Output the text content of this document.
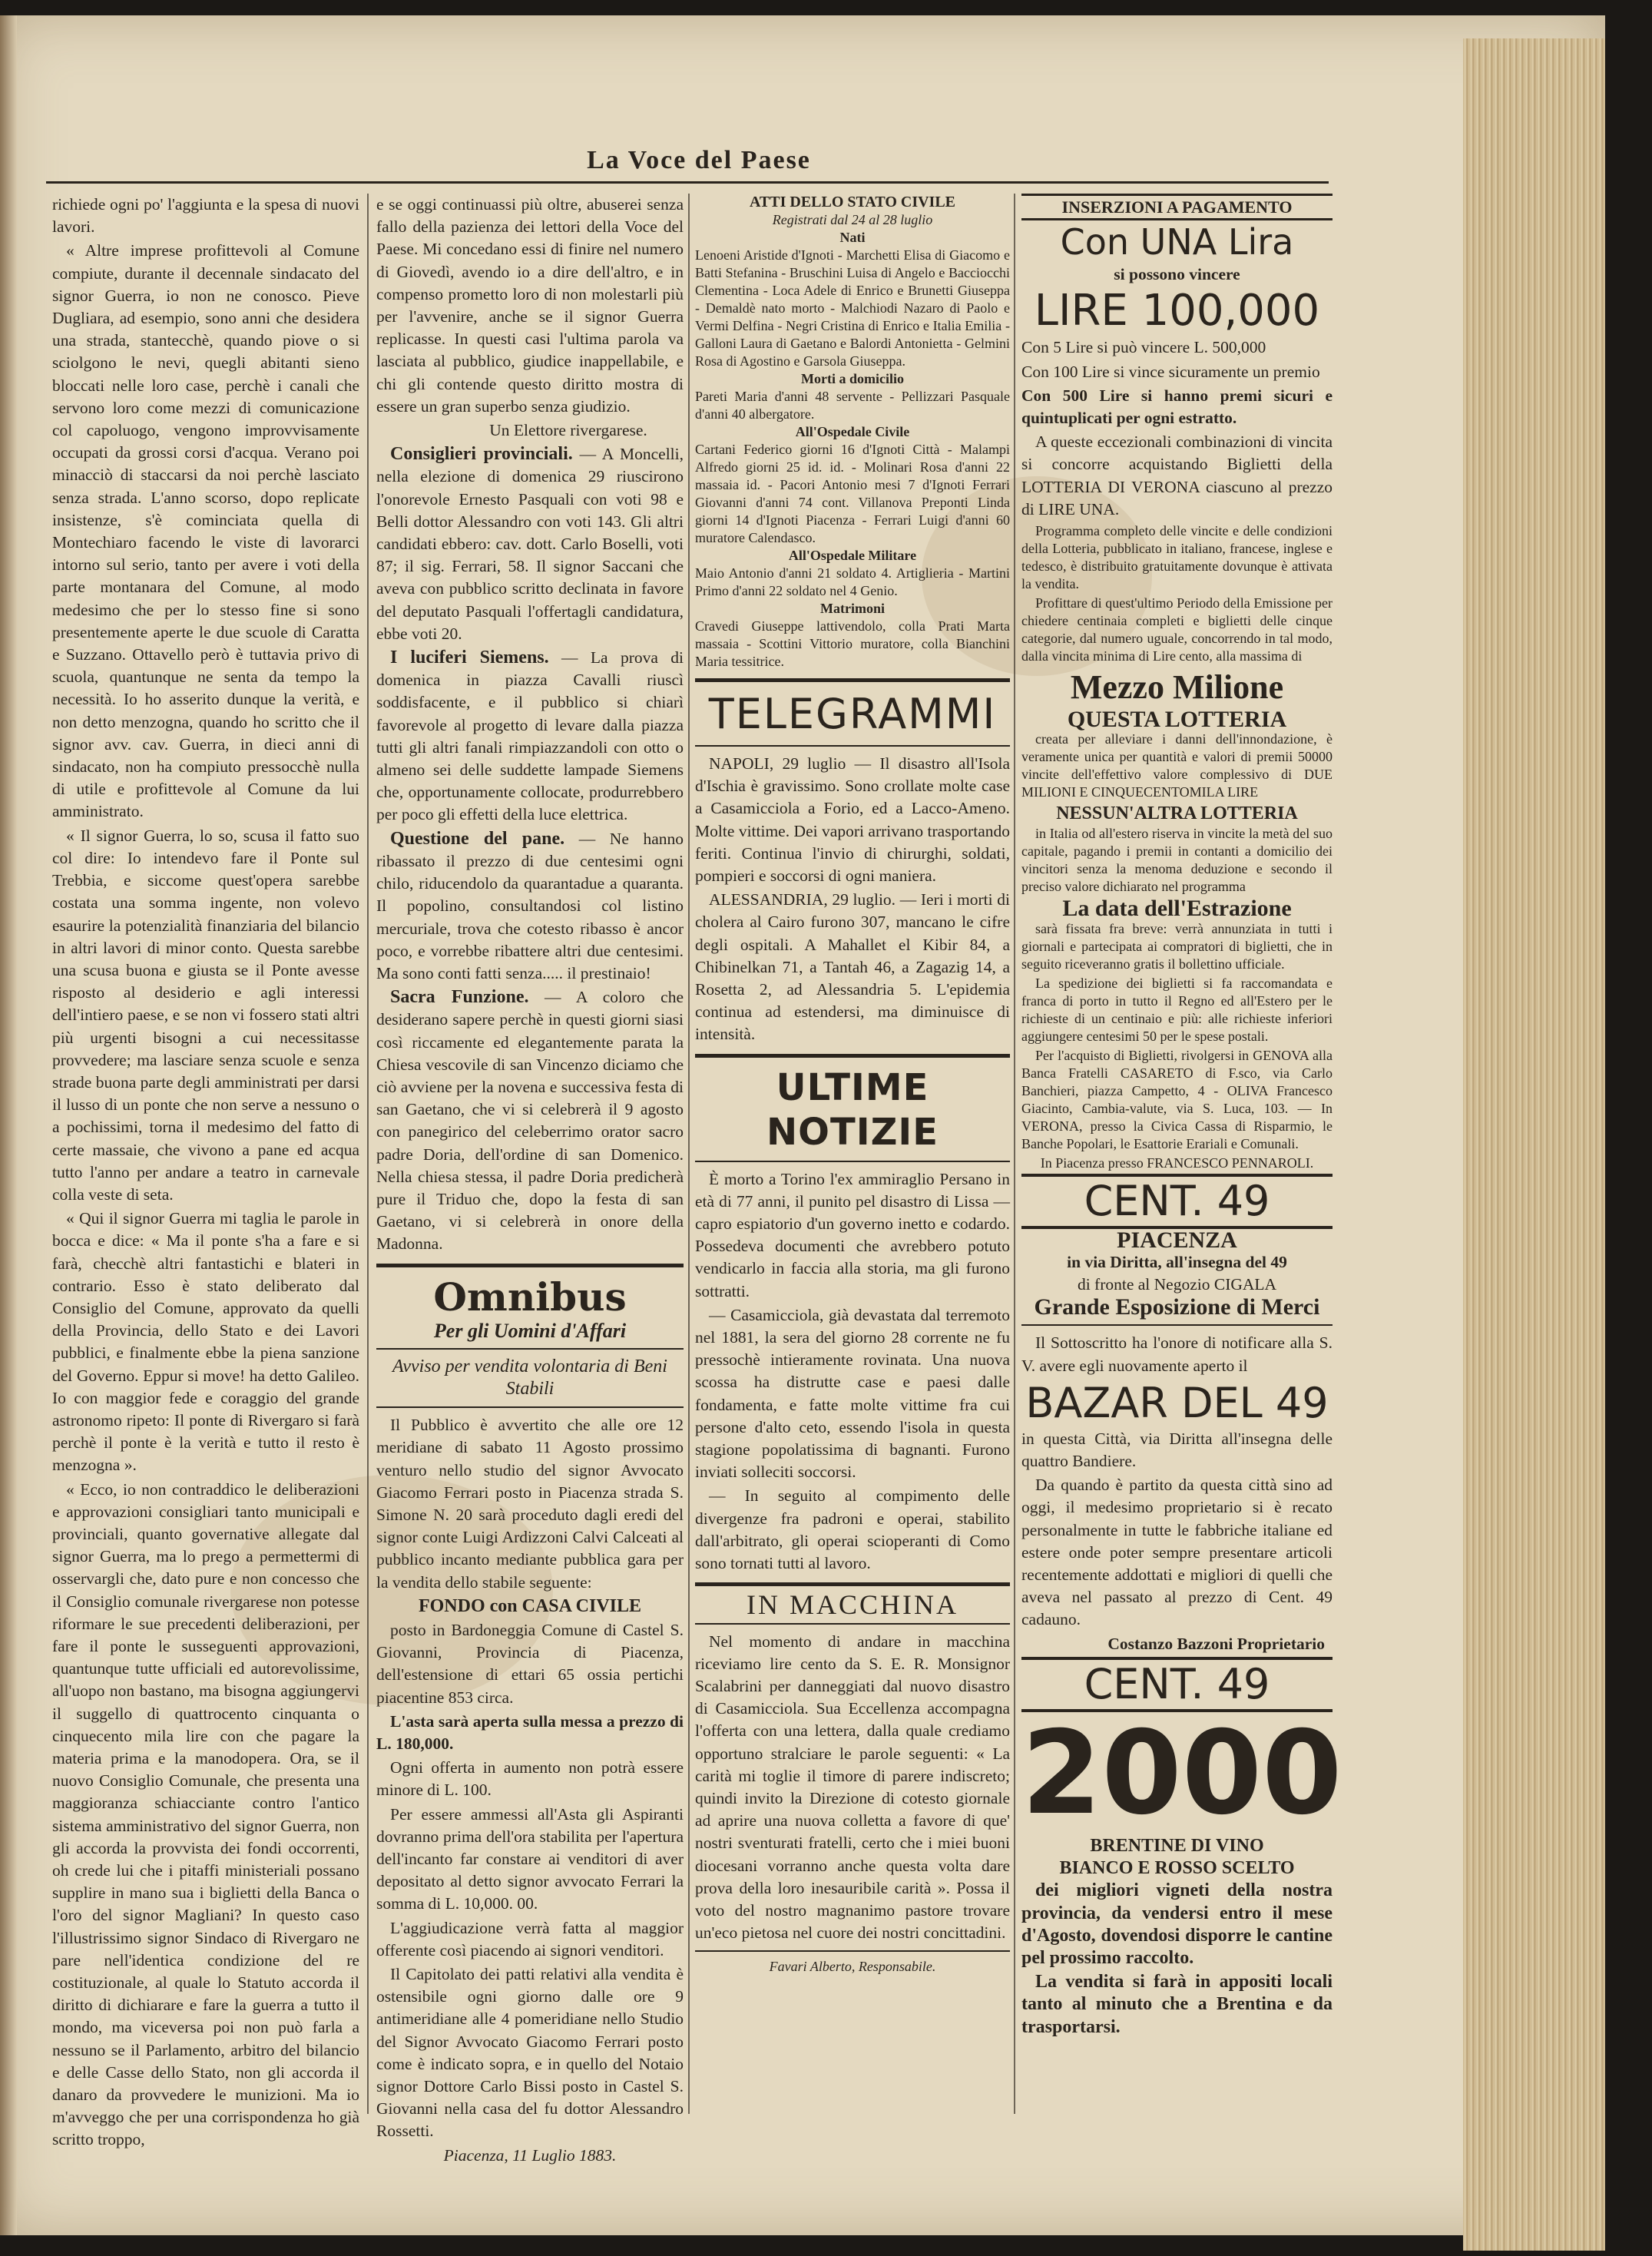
La Voce del Paese

richiede ogni po' l'aggiunta e la spesa di nuovi lavori.

« Altre imprese profittevoli al Comune compiute, durante il decennale sindacato del signor Guerra, io non ne conosco. Pieve Dugliara, ad esempio, sono anni che desidera una strada, stantecchè, quando piove o si sciolgono le nevi, quegli abitanti sieno bloccati nelle loro case, perchè i canali che servono loro come mezzi di comunicazione col capoluogo, vengono improvvisamente occupati da grossi corsi d'acqua. Verano poi minacciò di staccarsi da noi perchè lasciato senza strada. L'anno scorso, dopo replicate insistenze, s'è cominciata quella di Montechiaro facendo le viste di lavorarci intorno sul serio, tanto per avere i voti della parte montanara del Comune, al modo medesimo che per lo stesso fine si sono presentemente aperte le due scuole di Caratta e Suzzano. Ottavello però è tuttavia privo di scuola, quantunque ne senta da tempo la necessità. Io ho asserito dunque la verità, e non detto menzogna, quando ho scritto che il signor avv. cav. Guerra, in dieci anni di sindacato, non ha compiuto pressocchè nulla di utile e profittevole al Comune da lui amministrato.

« Il signor Guerra, lo so, scusa il fatto suo col dire: Io intendevo fare il Ponte sul Trebbia, e siccome quest'opera sarebbe costata una somma ingente, non volevo esaurire la potenzialità finanziaria del bilancio in altri lavori di minor conto. Questa sarebbe una scusa buona e giusta se il Ponte avesse risposto al desiderio e agli interessi dell'intiero paese, e se non vi fossero stati altri più urgenti bisogni a cui necessitasse provvedere; ma lasciare senza scuole e senza strade buona parte degli amministrati per darsi il lusso di un ponte che non serve a nessuno o a pochissimi, torna il medesimo del fatto di certe massaie, che vivono a pane ed acqua tutto l'anno per andare a teatro in carnevale colla veste di seta.

« Qui il signor Guerra mi taglia le parole in bocca e dice: « Ma il ponte s'ha a fare e si farà, checchè altri fantastichi e blateri in contrario. Esso è stato deliberato dal Consiglio del Comune, approvato da quelli della Provincia, dello Stato e dei Lavori pubblici, e finalmente ebbe la piena sanzione del Governo. Eppur si move! ha detto Galileo. Io con maggior fede e coraggio del grande astronomo ripeto: Il ponte di Rivergaro si farà perchè il ponte è la verità e tutto il resto è menzogna ».

« Ecco, io non contraddico le deliberazioni e approvazioni consigliari tanto municipali e provinciali, quanto governative allegate dal signor Guerra, ma lo prego a permettermi di osservargli che, dato pure e non concesso che il Consiglio comunale rivergarese non potesse riformare le sue precedenti deliberazioni, per fare il ponte le susseguenti approvazioni, quantunque tutte ufficiali ed autorevolissime, all'uopo non bastano, ma bisogna aggiungervi il suggello di quattrocento cinquanta o cinquecento mila lire con che pagare la materia prima e la manodopera. Ora, se il nuovo Consiglio Comunale, che presenta una maggioranza schiacciante contro l'antico sistema amministrativo del signor Guerra, non gli accorda la provvista dei fondi occorrenti, oh crede lui che i pitaffi ministeriali possano supplire in mano sua i biglietti della Banca o l'oro del signor Magliani? In questo caso l'illustrissimo signor Sindaco di Rivergaro ne pare nell'identica condizione del re costituzionale, al quale lo Statuto accorda il diritto di dichiarare e fare la guerra a tutto il mondo, ma viceversa poi non può farla a nessuno se il Parlamento, arbitro del bilancio e delle Casse dello Stato, non gli accorda il danaro da provvedere le munizioni. Ma io m'avveggo che per una corrispondenza ho già scritto troppo,

e se oggi continuassi più oltre, abuserei senza fallo della pazienza dei lettori della Voce del Paese. Mi concedano essi di finire nel numero di Giovedì, avendo io a dire dell'altro, e in compenso prometto loro di non molestarli più per l'avvenire, anche se il signor Guerra replicasse. In questi casi l'ultima parola va lasciata al pubblico, giudice inappellabile, e chi gli contende questo diritto mostra di essere un gran superbo senza giudizio.

Un Elettore rivergarese.

Consiglieri provinciali. — A Moncelli, nella elezione di domenica 29 riuscirono l'onorevole Ernesto Pasquali con voti 98 e Belli dottor Alessandro con voti 143. Gli altri candidati ebbero: cav. dott. Carlo Boselli, voti 87; il sig. Ferrari, 58. Il signor Saccani che aveva con pubblico scritto declinata in favore del deputato Pasquali l'offertagli candidatura, ebbe voti 20.

I luciferi Siemens. — La prova di domenica in piazza Cavalli riuscì soddisfacente, e il pubblico si chiarì favorevole al progetto di levare dalla piazza tutti gli altri fanali rimpiazzandoli con otto o almeno sei delle suddette lampade Siemens che, opportunamente collocate, produrrebbero per poco gli effetti della luce elettrica.

Questione del pane. — Ne hanno ribassato il prezzo di due centesimi ogni chilo, riducendolo da quarantadue a quaranta. Il popolino, consultandosi col listino mercuriale, trova che cotesto ribasso è ancor poco, e vorrebbe ribattere altri due centesimi. Ma sono conti fatti senza..... il prestinaio!

Sacra Funzione. — A coloro che desiderano sapere perchè in questi giorni siasi così riccamente ed elegantemente parata la Chiesa vescovile di san Vincenzo diciamo che ciò avviene per la novena e successiva festa di san Gaetano, che vi si celebrerà il 9 agosto con panegirico del celeberrimo orator sacro padre Doria, dell'ordine di san Domenico. Nella chiesa stessa, il padre Doria predicherà pure il Triduo che, dopo la festa di san Gaetano, vi si celebrerà in onore della Madonna.

Omnibus
Per gli Uomini d'Affari
Avviso per vendita volontaria di Beni Stabili

Il Pubblico è avvertito che alle ore 12 meridiane di sabato 11 Agosto prossimo venturo nello studio del signor Avvocato Giacomo Ferrari posto in Piacenza strada S. Simone N. 20 sarà proceduto dagli eredi del signor conte Luigi Ardizzoni Calvi Calceati al pubblico incanto mediante pubblica gara per la vendita dello stabile seguente:

FONDO con CASA CIVILE

posto in Bardoneggia Comune di Castel S. Giovanni, Provincia di Piacenza, dell'estensione di ettari 65 ossia pertichi piacentine 853 circa.

L'asta sarà aperta sulla messa a prezzo di L. 180,000.

Ogni offerta in aumento non potrà essere minore di L. 100.

Per essere ammessi all'Asta gli Aspiranti dovranno prima dell'ora stabilita per l'apertura dell'incanto far constare ai venditori di aver depositato al detto signor avvocato Ferrari la somma di L. 10,000. 00.

L'aggiudicazione verrà fatta al maggior offerente così piacendo ai signori venditori.

Il Capitolato dei patti relativi alla vendita è ostensibile ogni giorno dalle ore 9 antimeridiane alle 4 pomeridiane nello Studio del Signor Avvocato Giacomo Ferrari posto come è indicato sopra, e in quello del Notaio signor Dottore Carlo Bissi posto in Castel S. Giovanni nella casa del fu dottor Alessandro Rossetti.

Piacenza, 11 Luglio 1883.

ATTI DELLO STATO CIVILE
Registrati dal 24 al 28 luglio
Nati
Lenoeni Aristide d'Ignoti - Marchetti Elisa di Giacomo e Batti Stefanina - Bruschini Luisa di Angelo e Bacciocchi Clementina - Loca Adele di Enrico e Brunetti Giuseppa - Demaldè nato morto - Malchiodi Nazaro di Paolo e Vermi Delfina - Negri Cristina di Enrico e Italia Emilia - Galloni Laura di Gaetano e Balordi Antonietta - Gelmini Rosa di Agostino e Garsola Giuseppa.
Morti a domicilio
Pareti Maria d'anni 48 servente - Pellizzari Pasquale d'anni 40 albergatore.
All'Ospedale Civile
Cartani Federico giorni 16 d'Ignoti Città - Malampi Alfredo giorni 25 id. id. - Molinari Rosa d'anni 22 massaia id. - Pacori Antonio mesi 7 d'Ignoti Ferrari Giovanni d'anni 74 cont. Villanova Preponti Linda giorni 14 d'Ignoti Piacenza - Ferrari Luigi d'anni 60 muratore Calendasco.
All'Ospedale Militare
Maio Antonio d'anni 21 soldato 4. Artiglieria - Martini Primo d'anni 22 soldato nel 4 Genio.
Matrimoni
Cravedi Giuseppe lattivendolo, colla Prati Marta massaia - Scottini Vittorio muratore, colla Bianchini Maria tessitrice.
TELEGRAMMI

NAPOLI, 29 luglio — Il disastro all'Isola d'Ischia è gravissimo. Sono crollate molte case a Casamicciola a Forio, ed a Lacco-Ameno. Molte vittime. Dei vapori arrivano trasportando feriti. Continua l'invio di chirurghi, soldati, pompieri e soccorsi di ogni maniera.

ALESSANDRIA, 29 luglio. — Ieri i morti di cholera al Cairo furono 307, mancano le cifre degli ospitali. A Mahallet el Kibir 84, a Chibinelkan 71, a Tantah 46, a Zagazig 14, a Rosetta 2, ad Alessandria 5. L'epidemia continua ad estendersi, ma diminuisce di intensità.

ULTIME NOTIZIE

È morto a Torino l'ex ammiraglio Persano in età di 77 anni, il punito pel disastro di Lissa — capro espiatorio d'un governo inetto e codardo. Possedeva documenti che avrebbero potuto vendicarlo in faccia alla storia, ma gli furono sottratti.

— Casamicciola, già devastata dal terremoto nel 1881, la sera del giorno 28 corrente ne fu pressochè intieramente rovinata. Una nuova scossa ha distrutte case e paesi dalle fondamenta, e fatte molte vittime fra cui persone d'alto ceto, essendo l'isola in questa stagione popolatissima di bagnanti. Furono inviati solleciti soccorsi.

— In seguito al compimento delle divergenze fra padroni e operai, stabilito dall'arbitrato, gli operai scioperanti di Como sono tornati tutti al lavoro.

IN MACCHINA

Nel momento di andare in macchina riceviamo lire cento da S. E. R. Monsignor Scalabrini per danneggiati dal nuovo disastro di Casamicciola. Sua Eccellenza accompagna l'offerta con una lettera, dalla quale crediamo opportuno stralciare le parole seguenti: « La carità mi toglie il timore di parere indiscreto; quindi invito la Direzione di cotesto giornale ad aprire una nuova colletta a favore di que' nostri sventurati fratelli, certo che i miei buoni diocesani vorranno anche questa volta dare prova della loro inesauribile carità ». Possa il voto del nostro magnanimo pastore trovare un'eco pietosa nel cuore dei nostri concittadini.

Favari Alberto, Responsabile.

INSERZIONI A PAGAMENTO
Con UNA Lira
si possono vincere
LIRE 100,000

Con 5 Lire si può vincere L. 500,000

Con 100 Lire si vince sicuramente un premio

Con 500 Lire si hanno premi sicuri e quintuplicati per ogni estratto.

A queste eccezionali combinazioni di vincita si concorre acquistando Biglietti della LOTTERIA DI VERONA ciascuno al prezzo di LIRE UNA.

Programma completo delle vincite e delle condizioni della Lotteria, pubblicato in italiano, francese, inglese e tedesco, è distribuito gratuitamente dovunque è attivata la vendita.

Profittare di quest'ultimo Periodo della Emissione per chiedere centinaia completi e biglietti delle cinque categorie, dal numero uguale, concorrendo in tal modo, dalla vincita minima di Lire cento, alla massima di

Mezzo Milione
QUESTA LOTTERIA

creata per alleviare i danni dell'innondazione, è veramente unica per quantità e valori di premii 50000 vincite dell'effettivo valore complessivo di DUE MILIONI E CINQUECENTOMILA LIRE

NESSUN'ALTRA LOTTERIA

in Italia od all'estero riserva in vincite la metà del suo capitale, pagando i premii in contanti a domicilio dei vincitori senza la menoma deduzione e secondo il preciso valore dichiarato nel programma

La data dell'Estrazione

sarà fissata fra breve: verrà annunziata in tutti i giornali e partecipata ai compratori di biglietti, che in seguito riceveranno gratis il bollettino ufficiale.

La spedizione dei biglietti si fa raccomandata e franca di porto in tutto il Regno ed all'Estero per le richieste di un centinaio e più: alle richieste inferiori aggiungere centesimi 50 per le spese postali.

Per l'acquisto di Biglietti, rivolgersi in GENOVA alla Banca Fratelli CASARETO di F.sco, via Carlo Banchieri, piazza Campetto, 4 - OLIVA Francesco Giacinto, Cambia-valute, via S. Luca, 103. — In VERONA, presso la Civica Cassa di Risparmio, le Banche Popolari, le Esattorie Erariali e Comunali.

In Piacenza presso FRANCESCO PENNAROLI.

CENT. 49
PIACENZA
in via Diritta, all'insegna del 49
di fronte al Negozio CIGALA
Grande Esposizione di Merci

Il Sottoscritto ha l'onore di notificare alla S. V. avere egli nuovamente aperto il

BAZAR DEL 49

in questa Città, via Diritta all'insegna delle quattro Bandiere.

Da quando è partito da questa città sino ad oggi, il medesimo proprietario si è recato personalmente in tutte le fabbriche italiane ed estere onde poter sempre presentare articoli recentemente addottati e migliori di quelli che aveva nel passato al prezzo di Cent. 49 cadauno.

Costanzo Bazzoni Proprietario

CENT. 49
2000
BRENTINE DI VINO
BIANCO E ROSSO SCELTO

dei migliori vigneti della nostra provincia, da vendersi entro il mese d'Agosto, dovendosi disporre le cantine pel prossimo raccolto.

La vendita si farà in appositi locali tanto al minuto che a Brentina e da trasportarsi.
